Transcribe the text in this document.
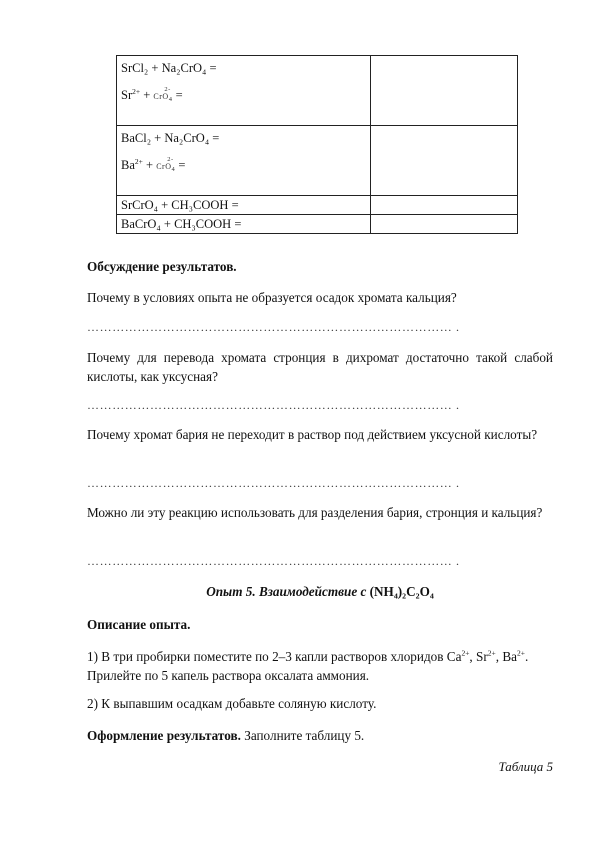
SrCl₂ + Na₂CrO₄ =
$Sr^{2+} + CrO_4$
2- =	

BaCl₂ + Na₂CrO₄ =
$Ba^{2+} + CrO_4$
2- =	

SrCrO₄ + CH₃COOH =	
BaCrO₄ + CH₃COOH =	

Обсуждение результатов.

Почему в условиях опыта не образуется осадок хромата кальция?

…………………………………………………………………………… .

Почему для перевода хромата стронция в дихромат достаточно такой слабой кислоты, как уксусная?

…………………………………………………………………………… .

Почему хромат бария не переходит в раствор под действием уксусной кислоты?

…………………………………………………………………………… .

Можно ли эту реакцию использовать для разделения бария, стронция и кальция?

…………………………………………………………………………… .
Опыт 5. Взаимодействие с (NH₄)₂C₂O₄

Описание опыта.

1) В три пробирки поместите по 2–3 капли растворов хлоридов $Ca^{2+}$, $Sr^{2+}$, $Ba^{2+}$. Прилейте по 5 капель раствора оксалата аммония.

2) К выпавшим осадкам добавьте соляную кислоту.

Оформление результатов. Заполните таблицу 5.

Таблица 5
